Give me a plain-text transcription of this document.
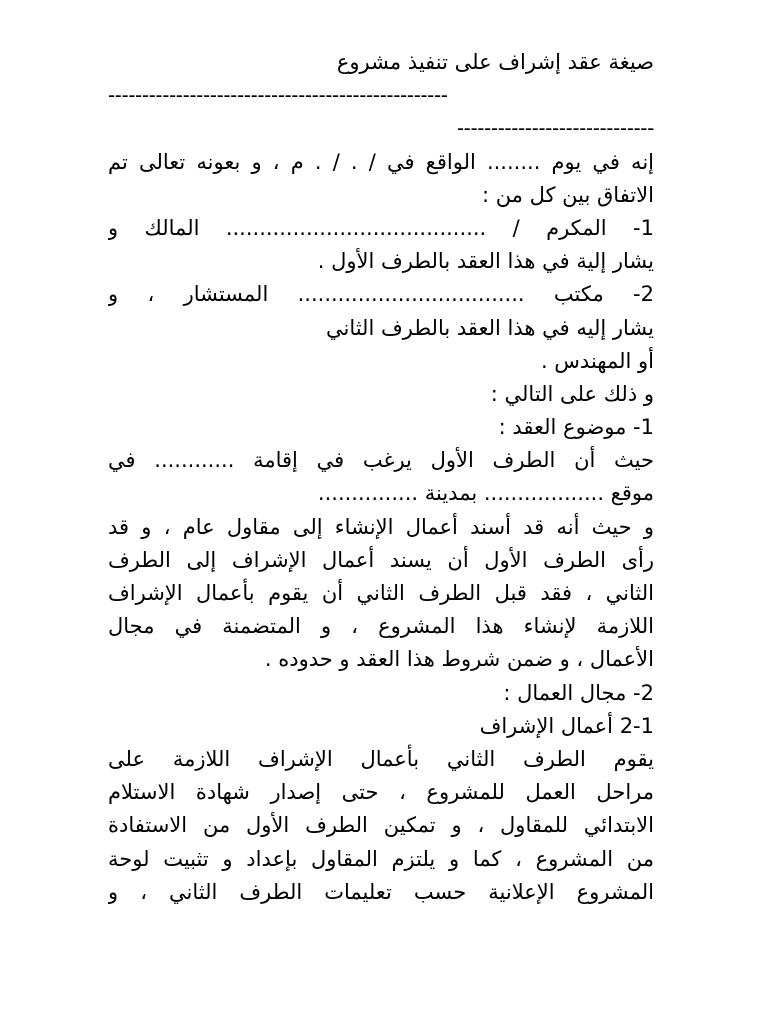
صيغة عقد إشراف على تنفيذ مشروع
--------------------------------------------------
-----------------------------
إنه في يوم ........ الواقع في / . / . م ، و بعونه تعالى تم
الاتفاق بين كل من :
1- المكرم / ....................................... المالك و
يشار إلية في هذا العقد بالطرف الأول .
2- مكتب .................................. المستشار ، و
يشار إليه في هذا العقد بالطرف الثاني
أو المهندس .
و ذلك على التالي :
1- موضوع العقد :
حيث أن الطرف الأول يرغب في إقامة ............ في
موقع .................. بمدينة ...............
و حيث أنه قد أسند أعمال الإنشاء إلى مقاول عام ، و قد
رأى الطرف الأول أن يسند أعمال الإشراف إلى الطرف
الثاني ، فقد قبل الطرف الثاني أن يقوم بأعمال الإشراف
اللازمة لإنشاء هذا المشروع ، و المتضمنة في مجال
الأعمال ، و ضمن شروط هذا العقد و حدوده .
2- مجال العمال :
2-1 أعمال الإشراف
يقوم الطرف الثاني بأعمال الإشراف اللازمة على
مراحل العمل للمشروع ، حتى إصدار شهادة الاستلام
الابتدائي للمقاول ، و تمكين الطرف الأول من الاستفادة
من المشروع ، كما و يلتزم المقاول بإعداد و تثبيت لوحة
المشروع الإعلانية حسب تعليمات الطرف الثاني ، و
